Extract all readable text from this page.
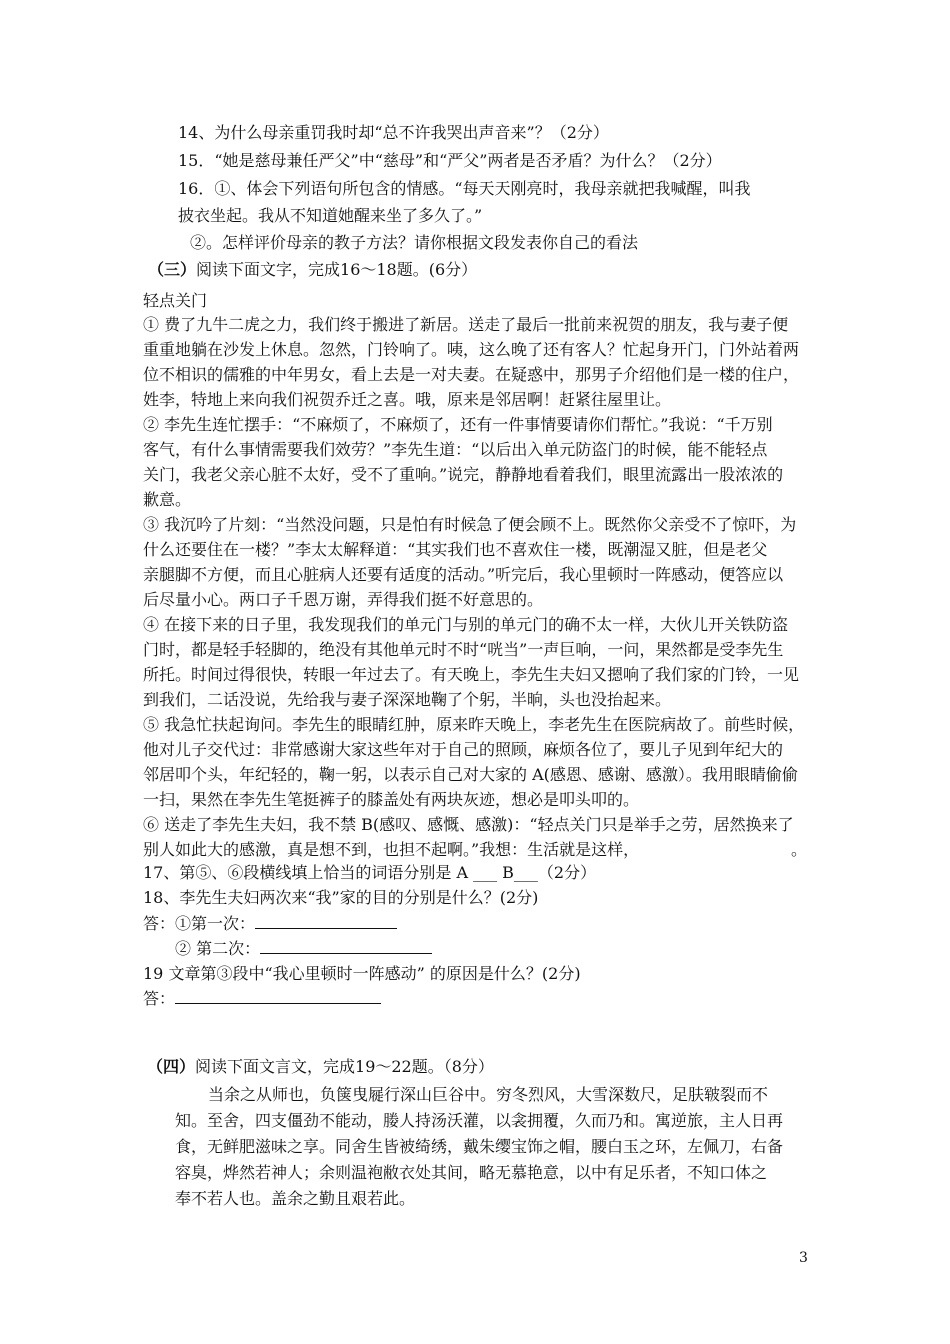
14、为什么母亲重罚我时却“总不许我哭出声音来”？（2分）
15．“她是慈母兼任严父”中“慈母”和“严父”两者是否矛盾？为什么？（2分）
16．①、体会下列语句所包含的情感。“每天天刚亮时，我母亲就把我喊醒，叫我
披衣坐起。我从不知道她醒来坐了多久了。”
②。怎样评价母亲的教子方法？请你根据文段发表你自己的看法
（三）阅读下面文字，完成16～18题。(6分）
轻点关门
① 费了九牛二虎之力，我们终于搬进了新居。送走了最后一批前来祝贺的朋友，我与妻子便
重重地躺在沙发上休息。忽然，门铃响了。咦，这么晚了还有客人？忙起身开门，门外站着两
位不相识的儒雅的中年男女，看上去是一对夫妻。在疑惑中，那男子介绍他们是一楼的住户，
姓李，特地上来向我们祝贺乔迁之喜。哦，原来是邻居啊！赶紧往屋里让。
② 李先生连忙摆手：“不麻烦了，不麻烦了，还有一件事情要请你们帮忙。”我说：“千万别
客气，有什么事情需要我们效劳？”李先生道：“以后出入单元防盗门的时候，能不能轻点
关门，我老父亲心脏不太好，受不了重响。”说完，静静地看着我们，眼里流露出一股浓浓的
歉意。
③ 我沉吟了片刻：“当然没问题，只是怕有时候急了便会顾不上。既然你父亲受不了惊吓，为
什么还要住在一楼？”李太太解释道：“其实我们也不喜欢住一楼，既潮湿又脏，但是老父
亲腿脚不方便，而且心脏病人还要有适度的活动。”听完后，我心里顿时一阵感动，便答应以
后尽量小心。两口子千恩万谢，弄得我们挺不好意思的。
④ 在接下来的日子里，我发现我们的单元门与别的单元门的确不太一样，大伙儿开关铁防盗
门时，都是轻手轻脚的，绝没有其他单元时不时“咣当”一声巨响，一问，果然都是受李先生
所托。时间过得很快，转眼一年过去了。有天晚上，李先生夫妇又摁响了我们家的门铃，一见
到我们，二话没说，先给我与妻子深深地鞠了个躬，半晌，头也没抬起来。
⑤ 我急忙扶起询问。李先生的眼睛红肿，原来昨天晚上，李老先生在医院病故了。前些时候，
他对儿子交代过：非常感谢大家这些年对于自己的照顾，麻烦各位了，要儿子见到年纪大的
邻居叩个头，年纪轻的，鞠一躬，以表示自己对大家的 A(感恩、感谢、感激）。我用眼睛偷偷
一扫，果然在李先生笔挺裤子的膝盖处有两块灰迹，想必是叩头叩的。
⑥ 送走了李先生夫妇，我不禁 B(感叹、感慨、感激)：“轻点关门只是举手之劳，居然换来了
别人如此大的感激，真是想不到，也担不起啊。”我想：生活就是这样，	。
17、第⑤、⑥段横线填上恰当的词语分别是 A ___ B___（2分）
18、李先生夫妇两次来“我”家的目的分别是什么？(2分)
答：①第一次：
② 第二次：
19 文章第③段中“我心里顿时一阵感动” 的原因是什么？(2分)
答：
（四）阅读下面文言文，完成19～22题。（8分）
当余之从师也，负箧曳屣行深山巨谷中。穷冬烈风，大雪深数尺，足肤皲裂而不
知。至舍，四支僵劲不能动，媵人持汤沃灌，以衾拥覆，久而乃和。寓逆旅，主人日再
食，无鲜肥滋味之享。同舍生皆被绮绣，戴朱缨宝饰之帽，腰白玉之环，左佩刀，右备
容臭，烨然若神人；余则温袍敝衣处其间，略无慕艳意，以中有足乐者，不知口体之
奉不若人也。盖余之勤且艰若此。
3
